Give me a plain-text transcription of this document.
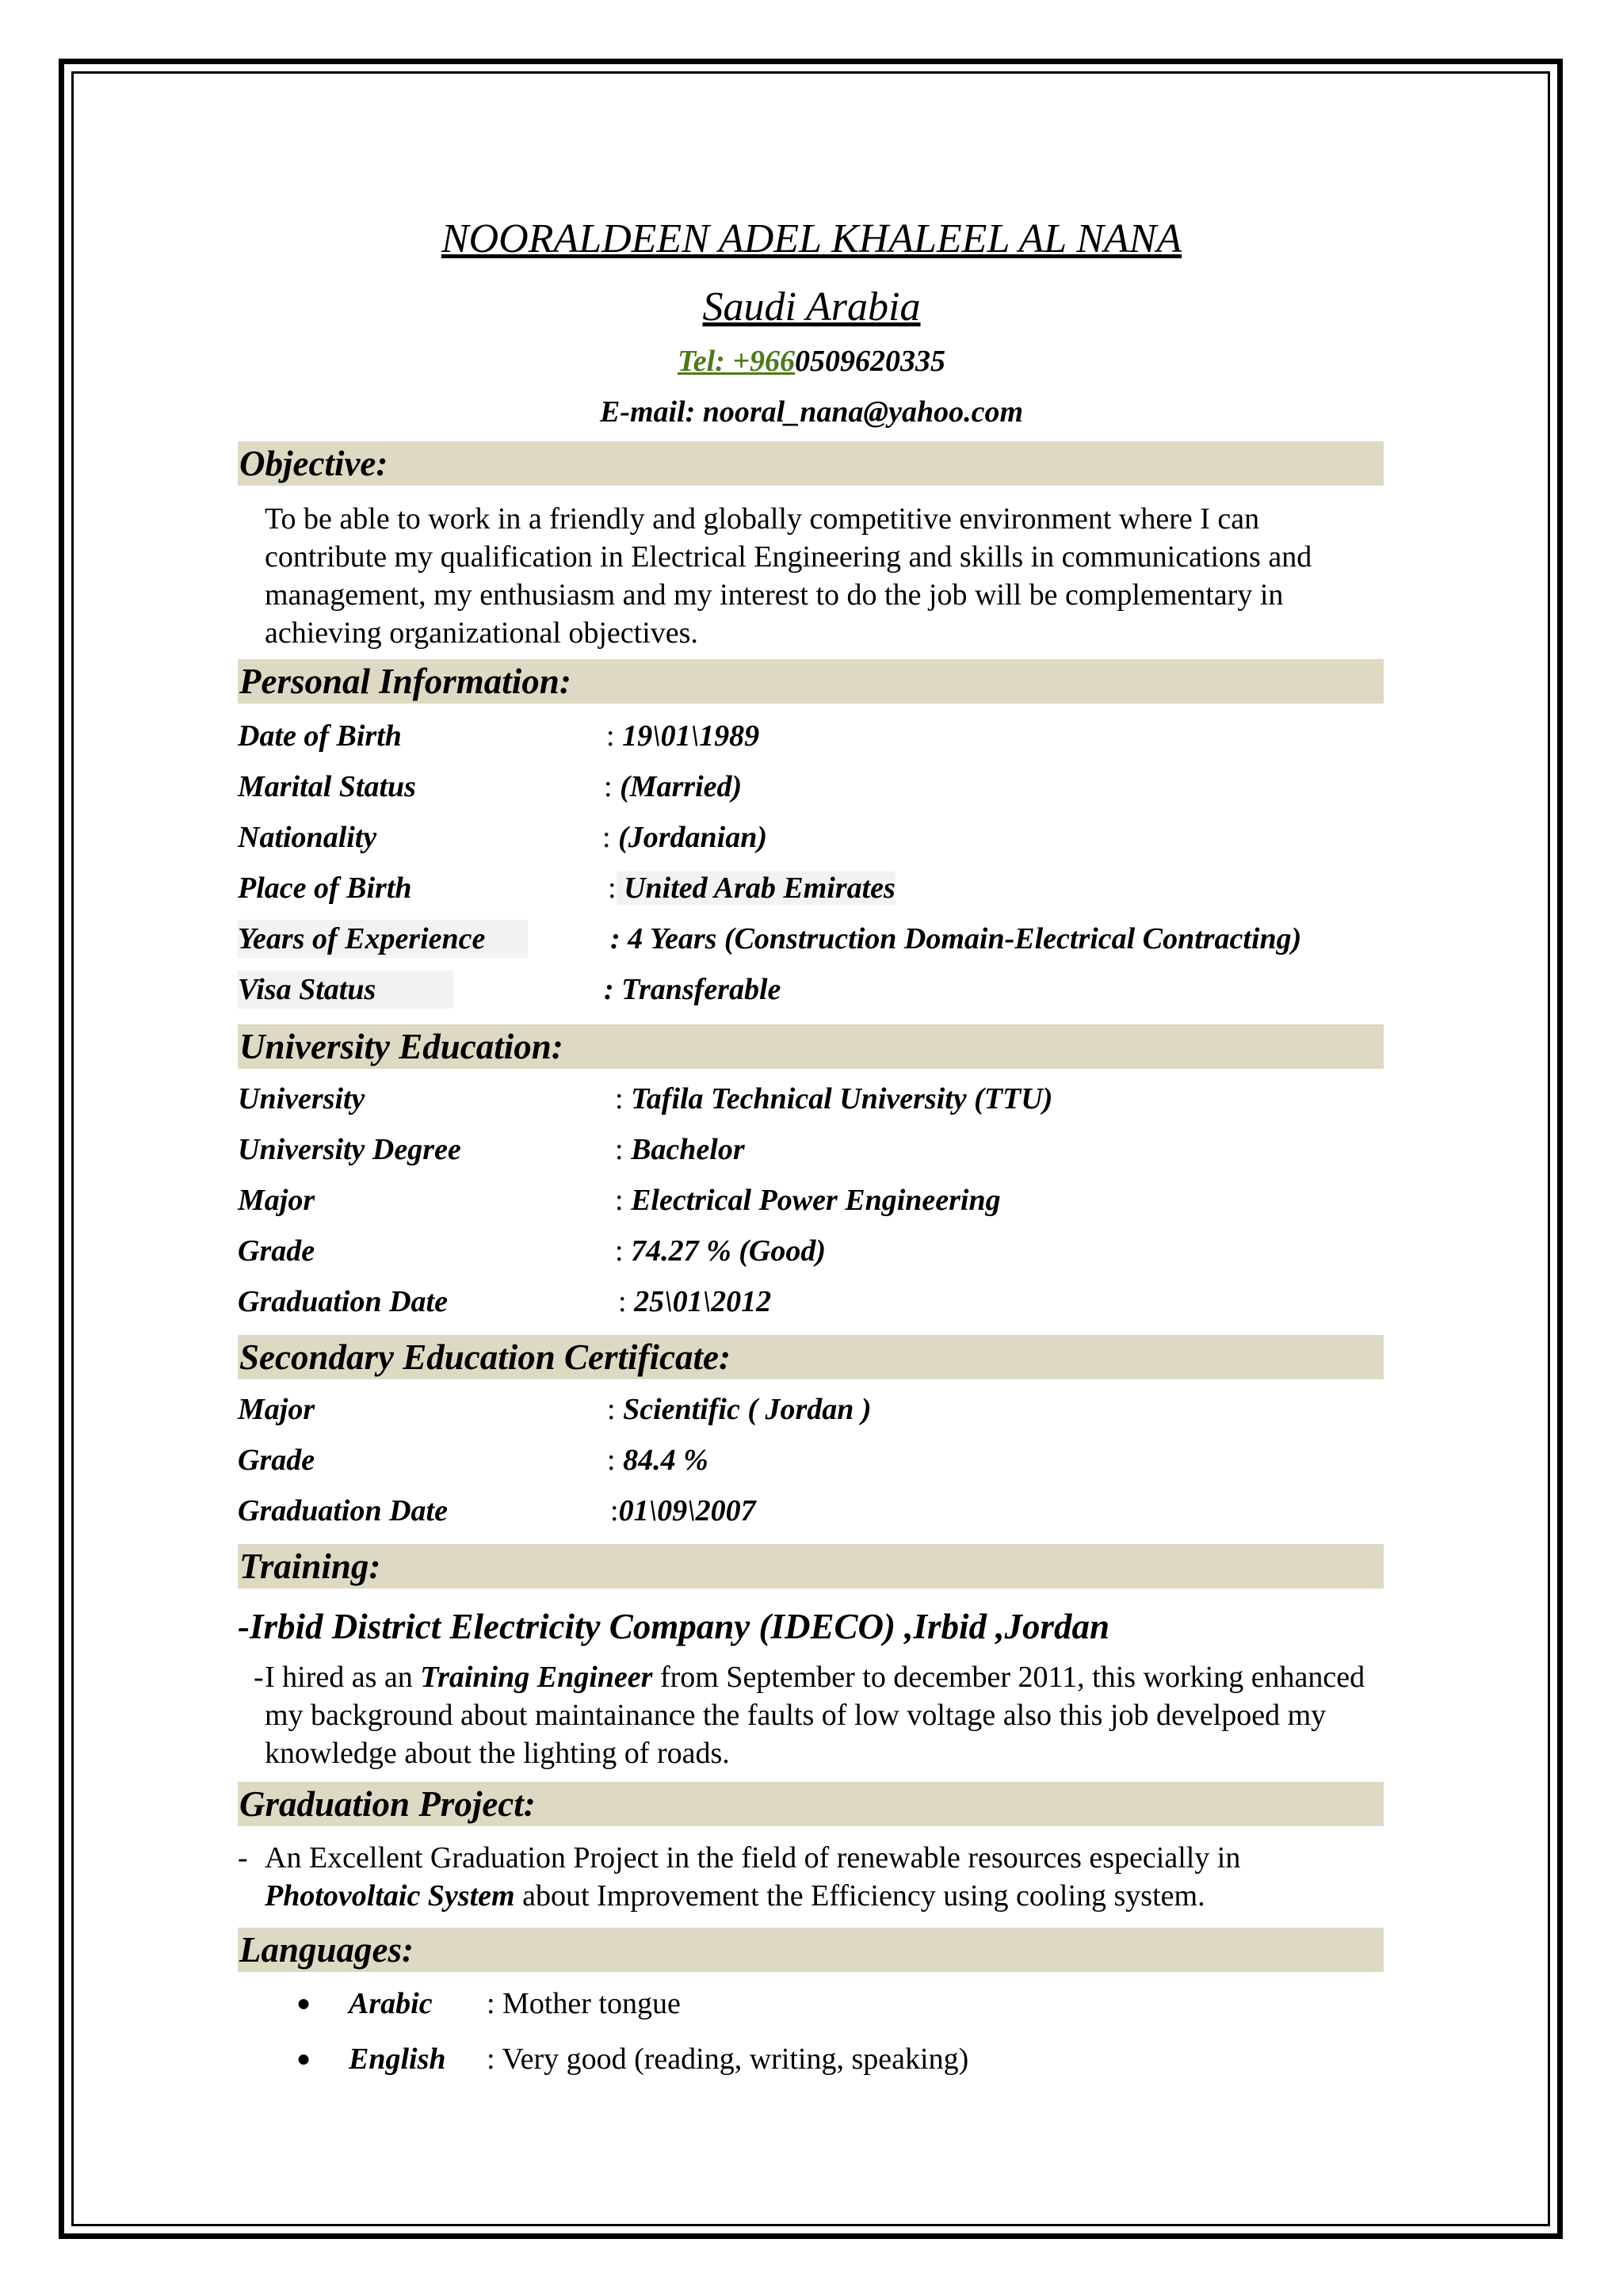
NOORALDEEN ADEL KHALEEL AL NANA
Saudi Arabia
Tel: +9660509620335
E-mail: nooral_nana@yahoo.com
Objective:
To be able to work in a friendly and globally competitive environment where I can contribute my qualification in Electrical Engineering and skills in communications and management, my enthusiasm and my interest to do the job will be complementary in achieving organizational objectives.
Personal Information:
Date of Birth	: 19\01\1989
Marital Status	: (Married)
Nationality	: (Jordanian)
Place of Birth	: United Arab Emirates
Years of Experience	: 4 Years (Construction Domain-Electrical Contracting)
Visa Status	: Transferable
University Education:
University	: Tafila Technical University (TTU)
University Degree	: Bachelor
Major	: Electrical Power Engineering
Grade	: 74.27 % (Good)
Graduation Date	: 25\01\2012
Secondary Education Certificate:
Major	: Scientific ( Jordan )
Grade	: 84.4 %
Graduation Date	:01\09\2007
Training:
-Irbid District Electricity Company (IDECO) ,Irbid ,Jordan
- I hired as an Training Engineer from September to december 2011, this working enhanced my background about maintainance the faults of low voltage also this job develpoed my knowledge about the lighting of roads.
Graduation Project:
- An Excellent Graduation Project in the field of renewable resources especially in Photovoltaic System about Improvement the Efficiency using cooling system.
Languages:
● Arabic : Mother tongue
● English : Very good (reading, writing, speaking)
